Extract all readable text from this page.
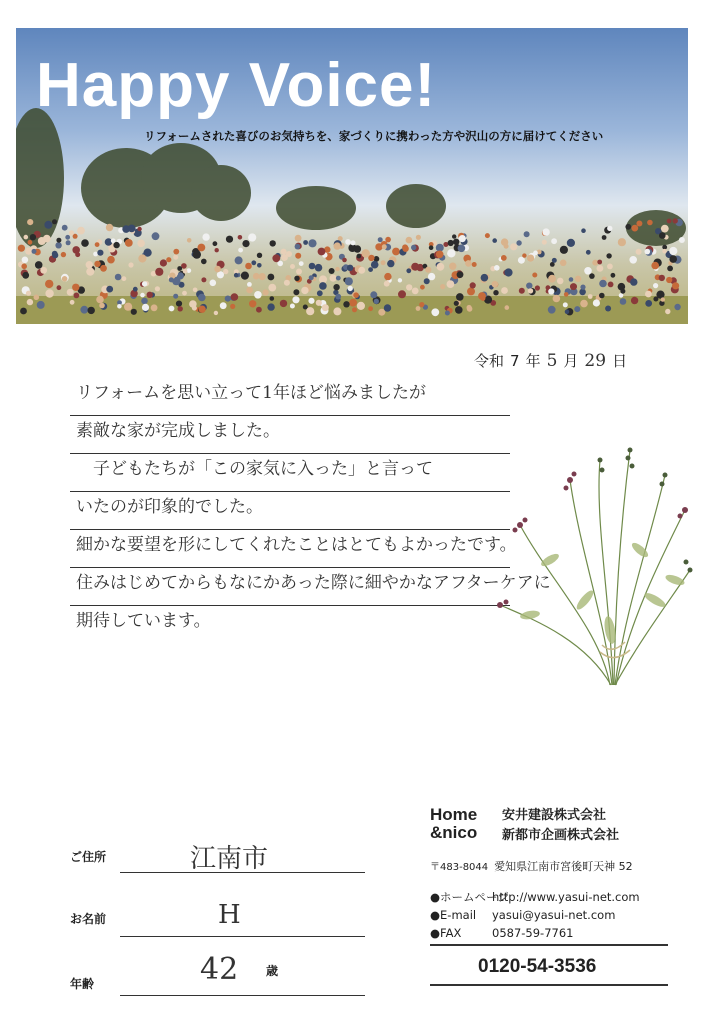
Happy Voice!
リフォームされた喜びのお気持ちを、家づくりに携わった方や沢山の方に届けてください
令和 7 年 5 月 29 日
リフォームを思い立って1年ほど悩みましたが
素敵な家が完成しました。
　子どもたちが「この家気に入った」と言って
いたのが印象的でした。
細かな要望を形にしてくれたことはとてもよかったです。
住みはじめてからもなにかあった際に細やかなアフターケアに
期待しています。
ご住所	江南市
お名前	H
年齢	42 歳
Home
&nico
安井建設株式会社
新都市企画株式会社
〒483-8044 愛知県江南市宮後町天神 52
●ホームページ
http://www.yasui-net.com
●E-mail	yasui@yasui-net.com
●FAX	0587-59-7761
0120-54-3536
